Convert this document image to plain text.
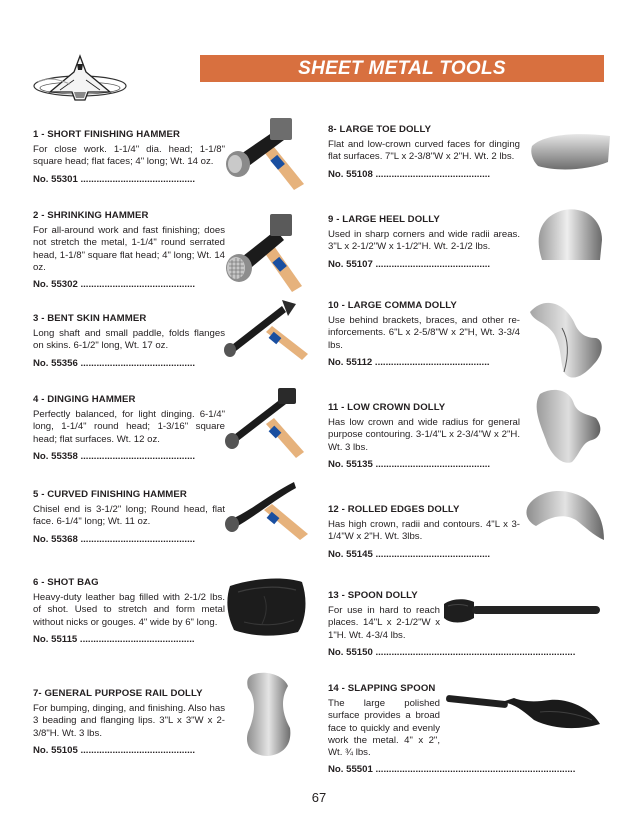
SHEET METAL TOOLS
1 - SHORT FINISHING HAMMER

For close work. 1-1/4" dia. head; 1-1/8" square head; flat faces; 4" long; Wt. 14 oz.

No. 55301 ...........................................
2 - SHRINKING HAMMER

For all-around work and fast finishing; does not stretch the metal, 1-1/4" round serrated head, 1-1/8" square flat head; 4" long; Wt. 14 oz.

No. 55302 ...........................................
3 - BENT SKIN HAMMER

Long shaft and small paddle, folds flanges on skins. 6-1/2" long, Wt. 17 oz.

No. 55356 ...........................................
4 - DINGING HAMMER

Perfectly balanced, for light dinging. 6-1/4" long, 1-1/4" round head; 1-3/16" square head; flat surfaces. Wt. 12 oz.

No. 55358 ...........................................
5 - CURVED FINISHING HAMMER

Chisel end is 3-1/2" long; Round head, flat face. 6-1/4" long; Wt. 11 oz.

No. 55368 ...........................................
6 - SHOT BAG

Heavy-duty leather bag filled with 2-1/2 lbs. of shot. Used to stretch and form metal without nicks or gouges. 4" wide by 6" long.

No. 55115 ...........................................
7- GENERAL PURPOSE RAIL DOLLY

For bumping, dinging, and finishing. Also has 3 beading and flanging lips. 3"L x 3"W x 2-3/8"H. Wt. 3 lbs.

No. 55105 ...........................................
8- LARGE TOE DOLLY

Flat and low-crown curved faces for dinging flat surfaces. 7"L x 2-3/8"W x 2"H. Wt. 2 lbs.

No. 55108 ...........................................
9 - LARGE HEEL DOLLY

Used in sharp corners and wide radii areas. 3"L x 2-1/2"W x 1-1/2"H. Wt. 2-1/2 lbs.

No. 55107 ...........................................
10 - LARGE COMMA DOLLY

Use behind brackets, braces, and other re-inforcements. 6"L x 2-5/8"W x 2"H, Wt. 3-3/4 lbs.

No. 55112 ...........................................
11 - LOW CROWN DOLLY

Has low crown and wide radius for general purpose contouring. 3-1/4"L x 2-3/4"W x 2"H. Wt. 3 lbs.

No. 55135 ...........................................
12 - ROLLED EDGES DOLLY

Has high crown, radii and contours. 4"L x 3-1/4"W x 2"H. Wt. 3lbs.

No. 55145 ...........................................
13 - SPOON DOLLY

For use in hard to reach places. 14"L x 2-1/2"W x 1"H. Wt. 4-3/4 lbs.

No. 55150 ...........................................................................
14 - SLAPPING SPOON

The large polished surface provides a broad face to quickly and evenly work the metal. 4" x 2", Wt. ¾ lbs.

No. 55501 ...........................................................................
67
